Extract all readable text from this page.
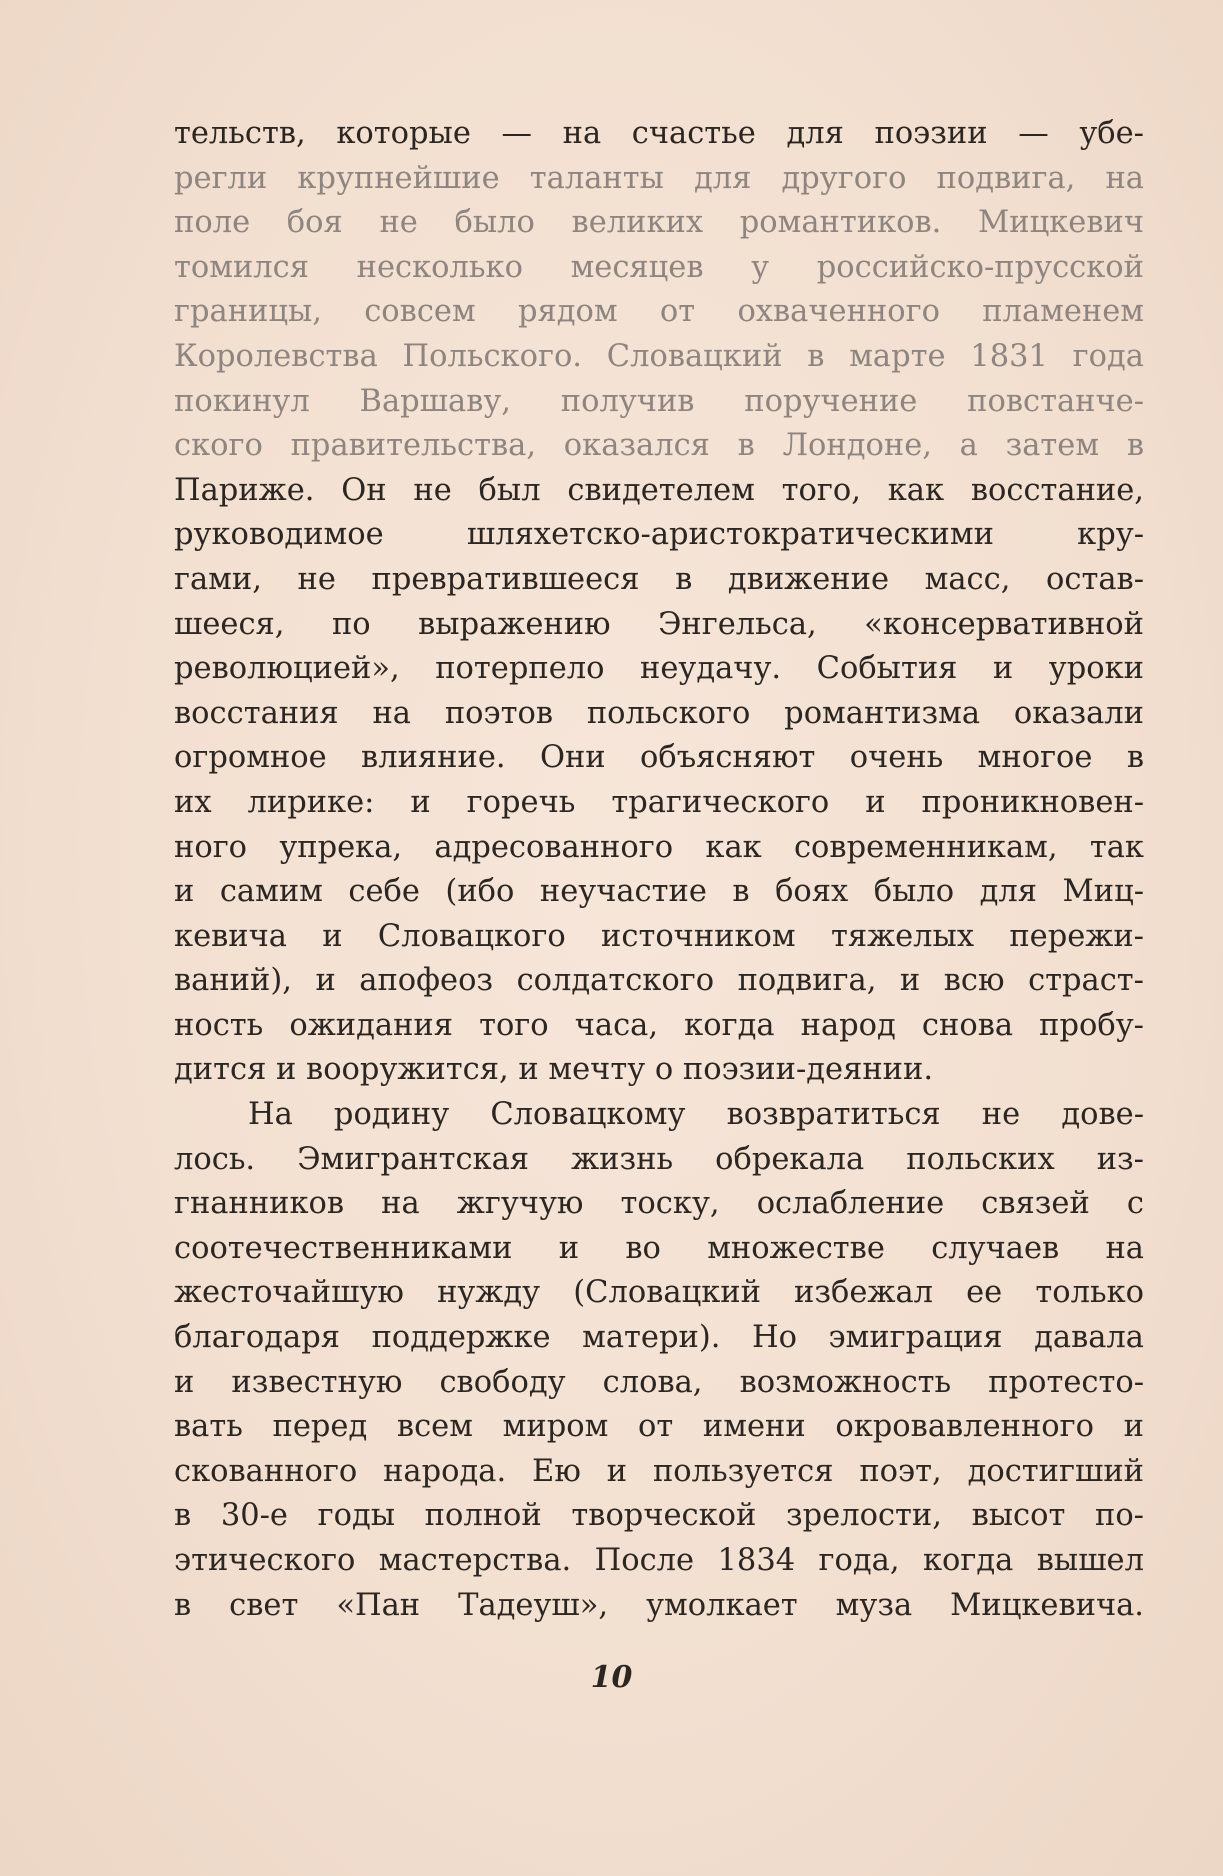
тельств, которые — на счастье для поэзии — убе-
регли крупнейшие таланты для другого подвига, на
поле боя не было великих романтиков. Мицкевич
томился несколько месяцев у российско-прусской
границы, совсем рядом от охваченного пламенем
Королевства Польского. Словацкий в марте 1831 года
покинул Варшаву, получив поручение повстанче-
ского правительства, оказался в Лондоне, а затем в
Париже. Он не был свидетелем того, как восстание,
руководимое шляхетско-аристократическими кру-
гами, не превратившееся в движение масс, остав-
шееся, по выражению Энгельса, «консервативной
революцией», потерпело неудачу. События и уроки
восстания на поэтов польского романтизма оказали
огромное влияние. Они объясняют очень многое в
их лирике: и горечь трагического и проникновен-
ного упрека, адресованного как современникам, так
и самим себе (ибо неучастие в боях было для Миц-
кевича и Словацкого источником тяжелых пережи-
ваний), и апофеоз солдатского подвига, и всю страст-
ность ожидания того часа, когда народ снова пробу-
дится и вооружится, и мечту о поэзии-деянии.
На родину Словацкому возвратиться не дове-
лось. Эмигрантская жизнь обрекала польских из-
гнанников на жгучую тоску, ослабление связей с
соотечественниками и во множестве случаев на
жесточайшую нужду (Словацкий избежал ее только
благодаря поддержке матери). Но эмиграция давала
и известную свободу слова, возможность протесто-
вать перед всем миром от имени окровавленного и
скованного народа. Ею и пользуется поэт, достигший
в 30-е годы полной творческой зрелости, высот по-
этического мастерства. После 1834 года, когда вышел
в свет «Пан Тадеуш», умолкает муза Мицкевича.
10
